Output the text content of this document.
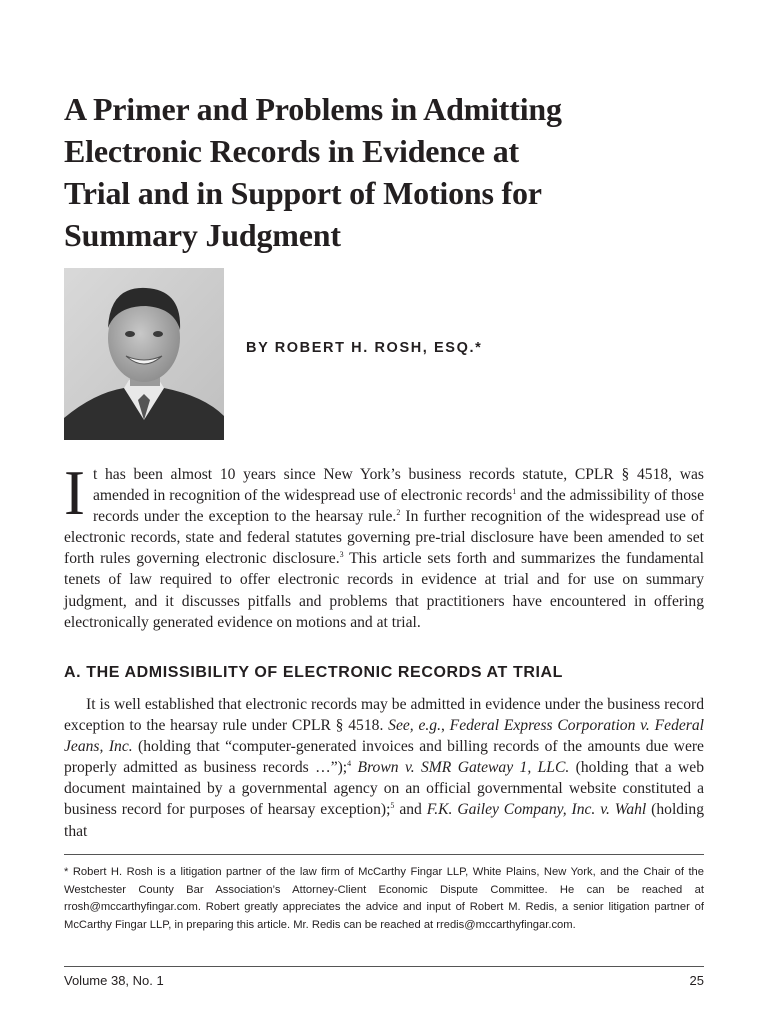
A Primer and Problems in Admitting
Electronic Records in Evidence at
Trial and in Support of Motions for
Summary Judgment
BY ROBERT H. ROSH, ESQ.*
I t has been almost 10 years since New York’s business records statute, CPLR § 4518, was amended in recognition of the widespread use of electronic records$^1$ and the admissibility of those records under the exception to the hearsay rule.$^2$ In further recognition of the widespread use of electronic records, state and federal statutes governing pre-trial disclosure have been amended to set forth rules governing electronic disclosure.$^3$ This article sets forth and summarizes the fundamental tenets of law required to offer electronic records in evidence at trial and for use on summary judgment, and it discusses pitfalls and problems that practitioners have encountered in offering electronically generated evidence on motions and at trial.

A. THE ADMISSIBILITY OF ELECTRONIC RECORDS AT TRIAL

It is well established that electronic records may be admitted in evidence under the business record exception to the hearsay rule under CPLR § 4518. See, e.g., Federal Express Corporation v. Federal Jeans, Inc. (holding that “computer-generated invoices and billing records of the amounts due were properly admitted as business records …”);$^4$ Brown v. SMR Gateway 1, LLC. (holding that a web document maintained by a governmental agency on an official governmental website constituted a business record for purposes of hearsay exception);$^5$ and F.K. Gailey Company, Inc. v. Wahl (holding that

* Robert H. Rosh is a litigation partner of the law firm of McCarthy Fingar LLP, White Plains, New York, and the Chair of the Westchester County Bar Association’s Attorney-Client Economic Dispute Committee. He can be reached at rrosh@mccarthyfingar.com. Robert greatly appreciates the advice and input of Robert M. Redis, a senior litigation partner of McCarthy Fingar LLP, in preparing this article. Mr. Redis can be reached at rredis@mccarthyfingar.com.

Volume 38, No. 1	25
